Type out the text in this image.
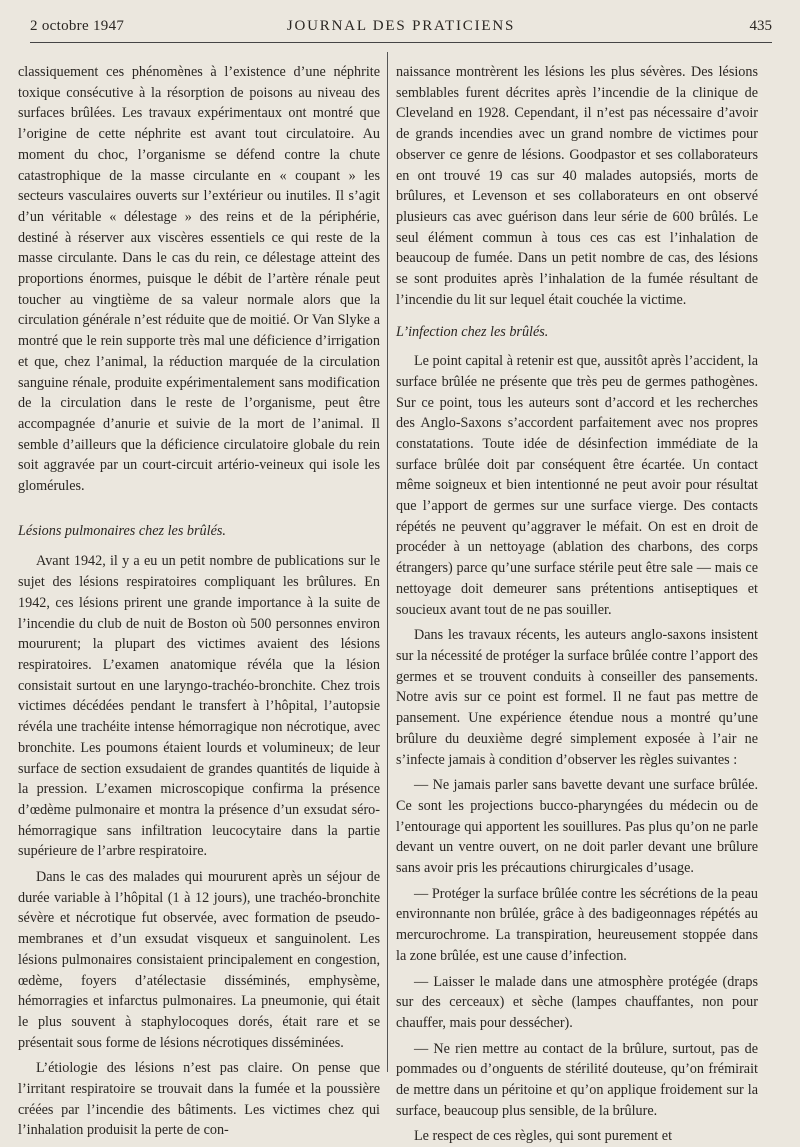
2 octobre 1947	JOURNAL DES PRATICIENS	435

classiquement ces phénomènes à l’existence d’une néphrite toxique consécutive à la résorption de poisons au niveau des surfaces brûlées. Les travaux expérimentaux ont montré que l’origine de cette néphrite est avant tout circulatoire. Au moment du choc, l’organisme se défend contre la chute catastrophique de la masse circulante en « coupant » les secteurs vasculaires ouverts sur l’extérieur ou inutiles. Il s’agit d’un véritable « délestage » des reins et de la périphérie, destiné à réserver aux viscères essentiels ce qui reste de la masse circulante. Dans le cas du rein, ce délestage atteint des proportions énormes, puisque le débit de l’artère rénale peut toucher au vingtième de sa valeur normale alors que la circulation générale n’est réduite que de moitié. Or Van Slyke a montré que le rein supporte très mal une déficience d’irrigation et que, chez l’animal, la réduction marquée de la circulation sanguine rénale, produite expérimentalement sans modification de la circulation dans le reste de l’organisme, peut être accompagnée d’anurie et suivie de la mort de l’animal. Il semble d’ailleurs que la déficience circulatoire globale du rein soit aggravée par un court-circuit artério-veineux qui isole les glomérules.

Lésions pulmonaires chez les brûlés.

Avant 1942, il y a eu un petit nombre de publications sur le sujet des lésions respiratoires compliquant les brûlures. En 1942, ces lésions prirent une grande importance à la suite de l’incendie du club de nuit de Boston où 500 personnes environ moururent; la plupart des victimes avaient des lésions respiratoires. L’examen anatomique révéla que la lésion consistait surtout en une laryngo-trachéo-bronchite. Chez trois victimes décédées pendant le transfert à l’hôpital, l’autopsie révéla une trachéite intense hémorragique non nécrotique, avec bronchite. Les poumons étaient lourds et volumineux; de leur surface de section exsudaient de grandes quantités de liquide à la pression. L’examen microscopique confirma la présence d’œdème pulmonaire et montra la présence d’un exsudat séro-hémorragique sans infiltration leucocytaire dans la partie supérieure de l’arbre respiratoire.

Dans le cas des malades qui moururent après un séjour de durée variable à l’hôpital (1 à 12 jours), une trachéo-bronchite sévère et nécrotique fut observée, avec formation de pseudo-membranes et d’un exsudat visqueux et sanguinolent. Les lésions pulmonaires consistaient principalement en congestion, œdème, foyers d’atélectasie disséminés, emphysème, hémorragies et infarctus pulmonaires. La pneumonie, qui était le plus souvent à staphylocoques dorés, était rare et se présentait sous forme de lésions nécrotiques disséminées.

L’étiologie des lésions n’est pas claire. On pense que l’irritant respiratoire se trouvait dans la fumée et la poussière créées par l’incendie des bâtiments. Les victimes chez qui l’inhalation produisit la perte de con-

naissance montrèrent les lésions les plus sévères. Des lésions semblables furent décrites après l’incendie de la clinique de Cleveland en 1928. Cependant, il n’est pas nécessaire d’avoir de grands incendies avec un grand nombre de victimes pour observer ce genre de lésions. Goodpastor et ses collaborateurs en ont trouvé 19 cas sur 40 malades autopsiés, morts de brûlures, et Levenson et ses collaborateurs en ont observé plusieurs cas avec guérison dans leur série de 600 brûlés. Le seul élément commun à tous ces cas est l’inhalation de beaucoup de fumée. Dans un petit nombre de cas, des lésions se sont produites après l’inhalation de la fumée résultant de l’incendie du lit sur lequel était couchée la victime.

L’infection chez les brûlés.

Le point capital à retenir est que, aussitôt après l’accident, la surface brûlée ne présente que très peu de germes pathogènes. Sur ce point, tous les auteurs sont d’accord et les recherches des Anglo-Saxons s’accordent parfaitement avec nos propres constatations. Toute idée de désinfection immédiate de la surface brûlée doit par conséquent être écartée. Un contact même soigneux et bien intentionné ne peut avoir pour résultat que l’apport de germes sur une surface vierge. Des contacts répétés ne peuvent qu’aggraver le méfait. On est en droit de procéder à un nettoyage (ablation des charbons, des corps étrangers) parce qu’une surface stérile peut être sale — mais ce nettoyage doit demeurer sans prétentions antiseptiques et soucieux avant tout de ne pas souiller.

Dans les travaux récents, les auteurs anglo-saxons insistent sur la nécessité de protéger la surface brûlée contre l’apport des germes et se trouvent conduits à conseiller des pansements. Notre avis sur ce point est formel. Il ne faut pas mettre de pansement. Une expérience étendue nous a montré qu’une brûlure du deuxième degré simplement exposée à l’air ne s’infecte jamais à condition d’observer les règles suivantes :

— Ne jamais parler sans bavette devant une surface brûlée. Ce sont les projections bucco-pharyngées du médecin ou de l’entourage qui apportent les souillures. Pas plus qu’on ne parle devant un ventre ouvert, on ne doit parler devant une brûlure sans avoir pris les précautions chirurgicales d’usage.

— Protéger la surface brûlée contre les sécrétions de la peau environnante non brûlée, grâce à des badigeonnages répétés au mercurochrome. La transpiration, heureusement stoppée dans la zone brûlée, est une cause d’infection.

— Laisser le malade dans une atmosphère protégée (draps sur des cerceaux) et sèche (lampes chauffantes, non pour chauffer, mais pour dessécher).

— Ne rien mettre au contact de la brûlure, surtout, pas de pommades ou d’onguents de stérilité douteuse, qu’on frémirait de mettre dans un péritoine et qu’on applique froidement sur la surface, beaucoup plus sensible, de la brûlure.

Le respect de ces règles, qui sont purement et
